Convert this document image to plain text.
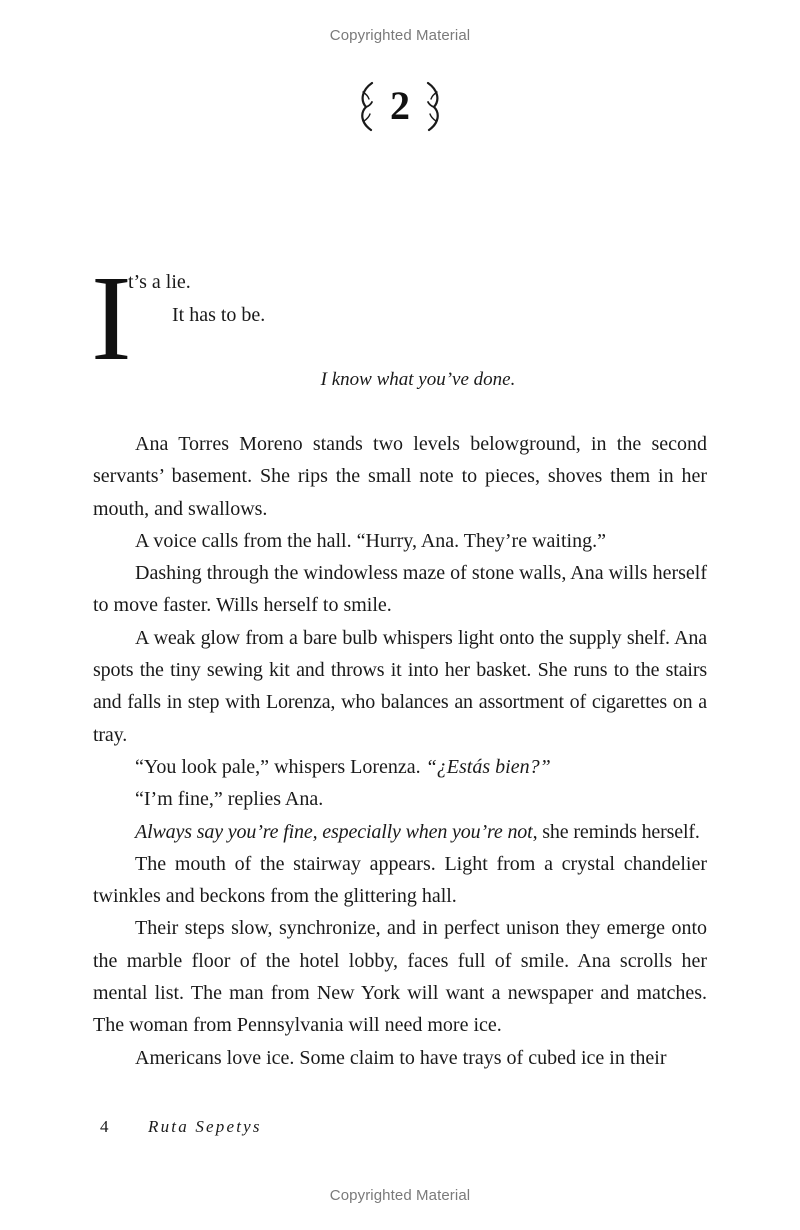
Copyrighted Material
2
I
t’s a lie.
It has to be.
I know what you’ve done.

Ana Torres Moreno stands two levels belowground, in the second servants’ basement. She rips the small note to pieces, shoves them in her mouth, and swallows.

A voice calls from the hall. “Hurry, Ana. They’re waiting.”

Dashing through the windowless maze of stone walls, Ana wills herself to move faster. Wills herself to smile.

A weak glow from a bare bulb whispers light onto the supply shelf. Ana spots the tiny sewing kit and throws it into her basket. She runs to the stairs and falls in step with Lorenza, who balances an assortment of cigarettes on a tray.

“You look pale,” whispers Lorenza. “¿Estás bien?”

“I’m fine,” replies Ana.

Always say you’re fine, especially when you’re not, she reminds herself.

The mouth of the stairway appears. Light from a crystal chandelier twinkles and beckons from the glittering hall.

Their steps slow, synchronize, and in perfect unison they emerge onto the marble floor of the hotel lobby, faces full of smile. Ana scrolls her mental list. The man from New York will want a newspaper and matches. The woman from Pennsylvania will need more ice.

Americans love ice. Some claim to have trays of cubed ice in their

4 Ruta Sepetys
Copyrighted Material
